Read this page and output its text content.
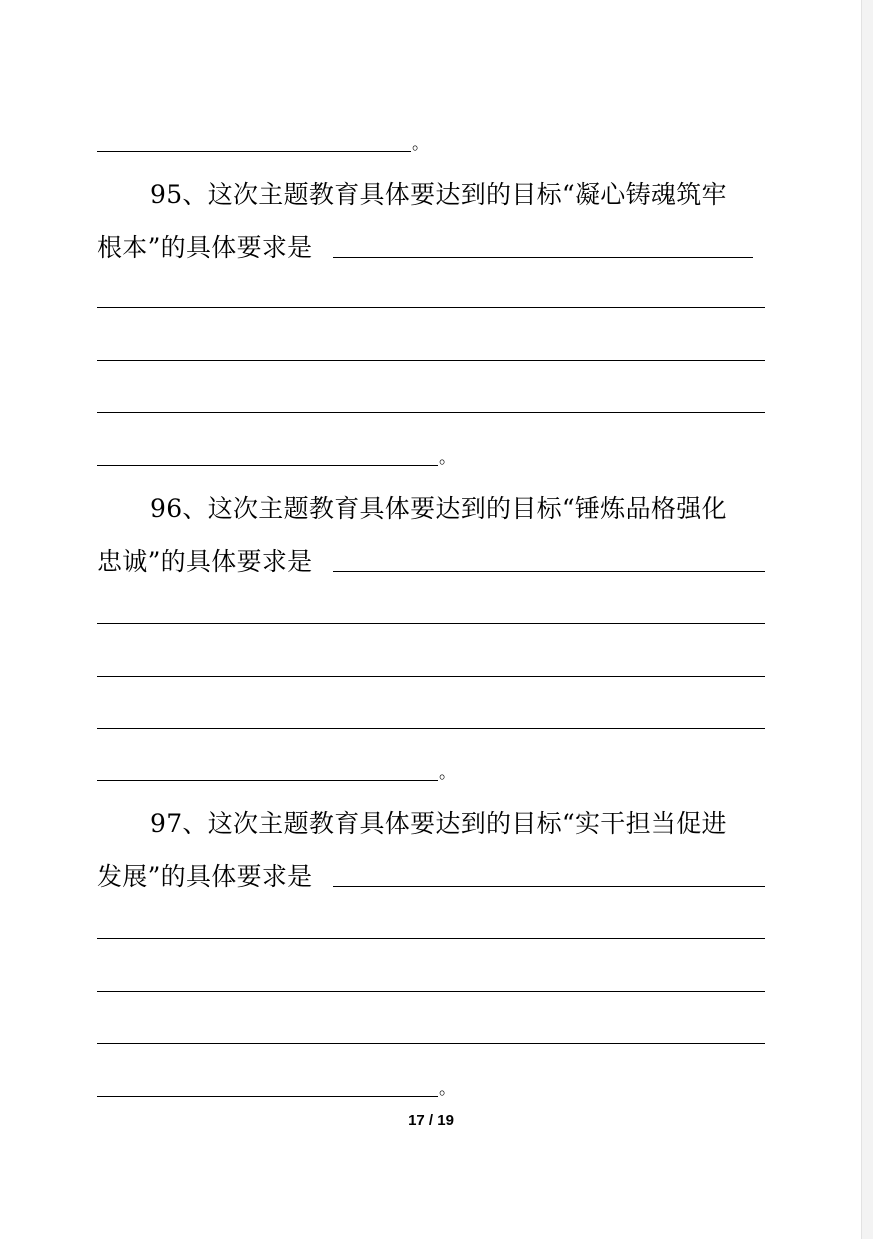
。
95、这次主题教育具体要达到的目标“凝心铸魂筑牢
根本”的具体要求是
。
96、这次主题教育具体要达到的目标“锤炼品格强化
忠诚”的具体要求是
。
97、这次主题教育具体要达到的目标“实干担当促进
发展”的具体要求是
。
17 / 19
